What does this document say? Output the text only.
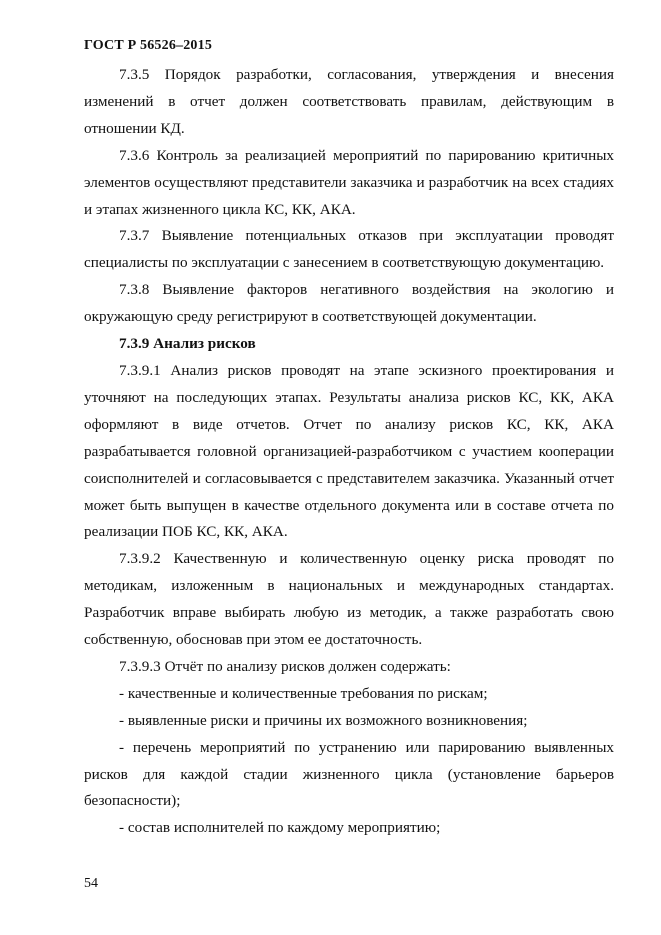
ГОСТ Р 56526–2015

7.3.5 Порядок разработки, согласования, утверждения и внесения изменений в отчет должен соответствовать правилам, действующим в отношении КД.

7.3.6 Контроль за реализацией мероприятий по парированию критичных элементов осуществляют представители заказчика и разработчик на всех стадиях и этапах жизненного цикла КС, КК, АКА.

7.3.7 Выявление потенциальных отказов при эксплуатации проводят специалисты по эксплуатации с занесением в соответствующую документацию.

7.3.8 Выявление факторов негативного воздействия на экологию и окружающую среду регистрируют в соответствующей документации.

7.3.9 Анализ рисков

7.3.9.1 Анализ рисков проводят на этапе эскизного проектирования и уточняют на последующих этапах. Результаты анализа рисков КС, КК, АКА оформляют в виде отчетов. Отчет по анализу рисков КС, КК, АКА разрабатывается головной организацией-разработчиком с участием кооперации соисполнителей и согласовывается с представителем заказчика. Указанный отчет может быть выпущен в качестве отдельного документа или в составе отчета по реализации ПОБ КС, КК, АКА.

7.3.9.2 Качественную и количественную оценку риска проводят по методикам, изложенным в национальных и международных стандартах. Разработчик вправе выбирать любую из методик, а также разработать свою собственную, обосновав при этом ее достаточность.

7.3.9.3 Отчёт по анализу рисков должен содержать:

- качественные и количественные требования по рискам;

- выявленные риски и причины их возможного возникновения;

- перечень мероприятий по устранению или парированию выявленных рисков для каждой стадии жизненного цикла (установление барьеров безопасности);

- состав исполнителей по каждому мероприятию;

54
